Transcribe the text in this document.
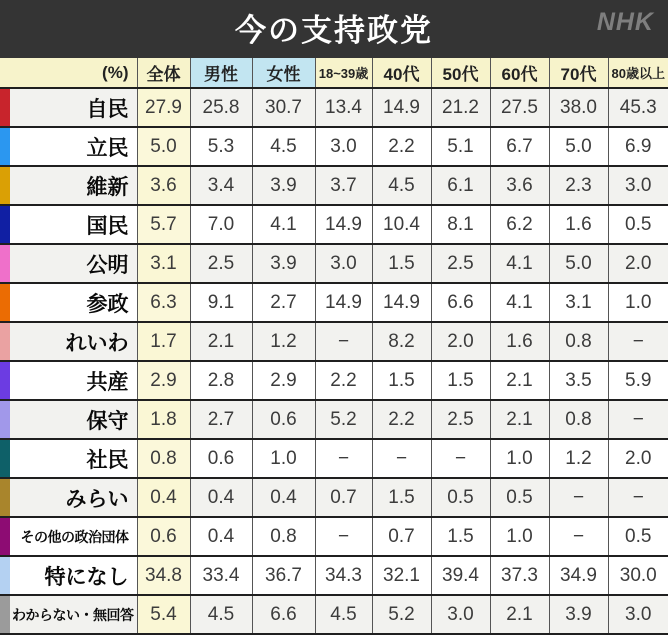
今の支持政党	NHK
(%)	全体	男性	女性	18~39歳	40代	50代	60代	70代	80歳以上

自民	27.9	25.8	30.7	13.4	14.9	21.2	27.5	38.0	45.3

立民	5.0	5.3	4.5	3.0	2.2	5.1	6.7	5.0	6.9

維新	3.6	3.4	3.9	3.7	4.5	6.1	3.6	2.3	3.0

国民	5.7	7.0	4.1	14.9	10.4	8.1	6.2	1.6	0.5

公明	3.1	2.5	3.9	3.0	1.5	2.5	4.1	5.0	2.0

参政	6.3	9.1	2.7	14.9	14.9	6.6	4.1	3.1	1.0

れいわ	1.7	2.1	1.2	−	8.2	2.0	1.6	0.8	−

共産	2.9	2.8	2.9	2.2	1.5	1.5	2.1	3.5	5.9

保守	1.8	2.7	0.6	5.2	2.2	2.5	2.1	0.8	−

社民	0.8	0.6	1.0	−	−	−	1.0	1.2	2.0

みらい	0.4	0.4	0.4	0.7	1.5	0.5	0.5	−	−

その他の政治団体	0.6	0.4	0.8	−	0.7	1.5	1.0	−	0.5

特になし	34.8	33.4	36.7	34.3	32.1	39.4	37.3	34.9	30.0

わからない・無回答	5.4	4.5	6.6	4.5	5.2	3.0	2.1	3.9	3.0
